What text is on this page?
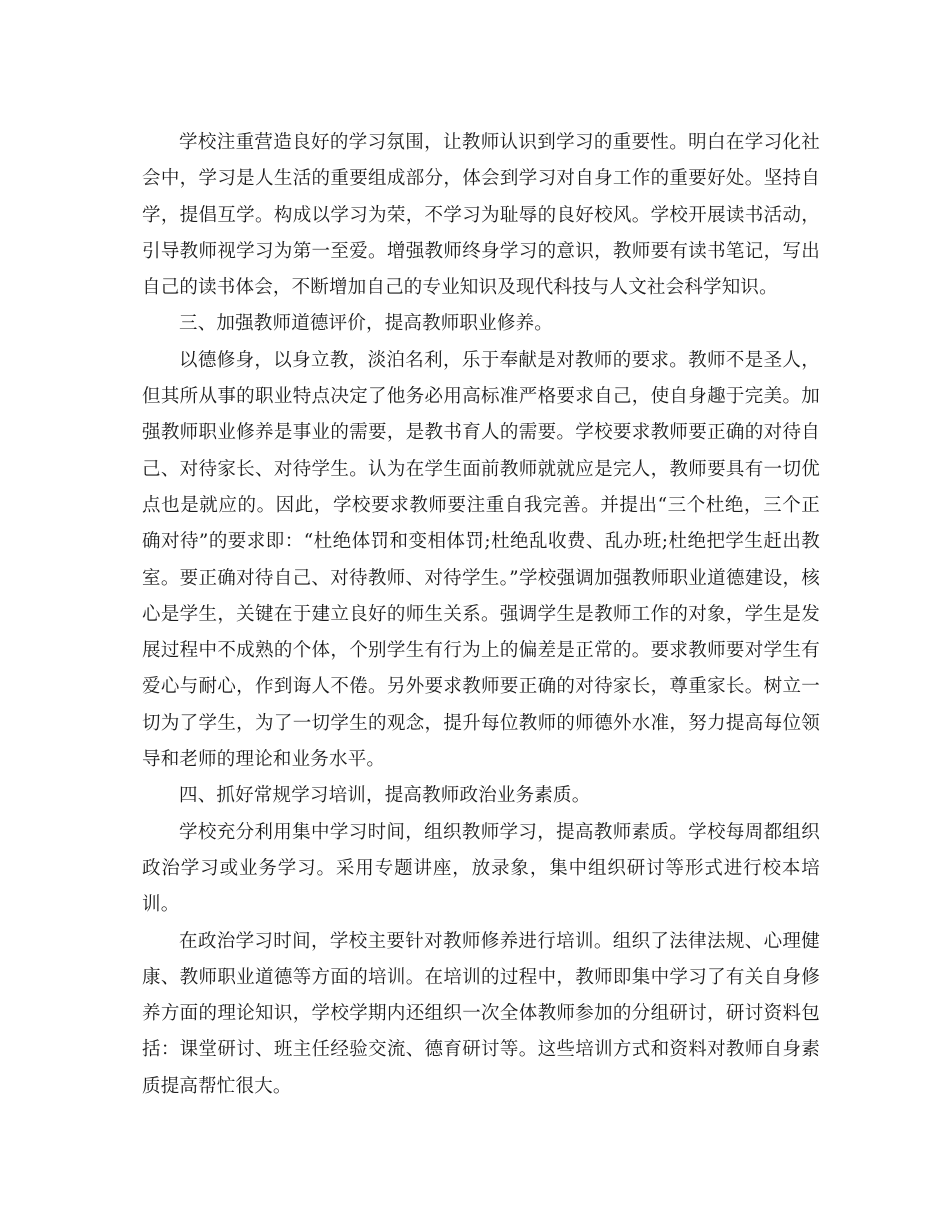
学校注重营造良好的学习氛围，让教师认识到学习的重要性。明白在学习化社会中，学习是人生活的重要组成部分，体会到学习对自身工作的重要好处。坚持自学，提倡互学。构成以学习为荣，不学习为耻辱的良好校风。学校开展读书活动，引导教师视学习为第一至爱。增强教师终身学习的意识，教师要有读书笔记，写出自己的读书体会，不断增加自己的专业知识及现代科技与人文社会科学知识。

三、加强教师道德评价，提高教师职业修养。

以德修身，以身立教，淡泊名利，乐于奉献是对教师的要求。教师不是圣人，但其所从事的职业特点决定了他务必用高标准严格要求自己，使自身趣于完美。加强教师职业修养是事业的需要，是教书育人的需要。学校要求教师要正确的对待自己、对待家长、对待学生。认为在学生面前教师就就应是完人，教师要具有一切优点也是就应的。因此，学校要求教师要注重自我完善。并提出“三个杜绝，三个正确对待”的要求即：“杜绝体罚和变相体罚;杜绝乱收费、乱办班;杜绝把学生赶出教室。要正确对待自己、对待教师、对待学生。”学校强调加强教师职业道德建设，核心是学生，关键在于建立良好的师生关系。强调学生是教师工作的对象，学生是发展过程中不成熟的个体，个别学生有行为上的偏差是正常的。要求教师要对学生有爱心与耐心，作到诲人不倦。另外要求教师要正确的对待家长，尊重家长。树立一切为了学生，为了一切学生的观念，提升每位教师的师德外水准，努力提高每位领导和老师的理论和业务水平。

四、抓好常规学习培训，提高教师政治业务素质。

学校充分利用集中学习时间，组织教师学习，提高教师素质。学校每周都组织政治学习或业务学习。采用专题讲座，放录象，集中组织研讨等形式进行校本培训。

在政治学习时间，学校主要针对教师修养进行培训。组织了法律法规、心理健康、教师职业道德等方面的培训。在培训的过程中，教师即集中学习了有关自身修养方面的理论知识，学校学期内还组织一次全体教师参加的分组研讨，研讨资料包括：课堂研讨、班主任经验交流、德育研讨等。这些培训方式和资料对教师自身素质提高帮忙很大。
